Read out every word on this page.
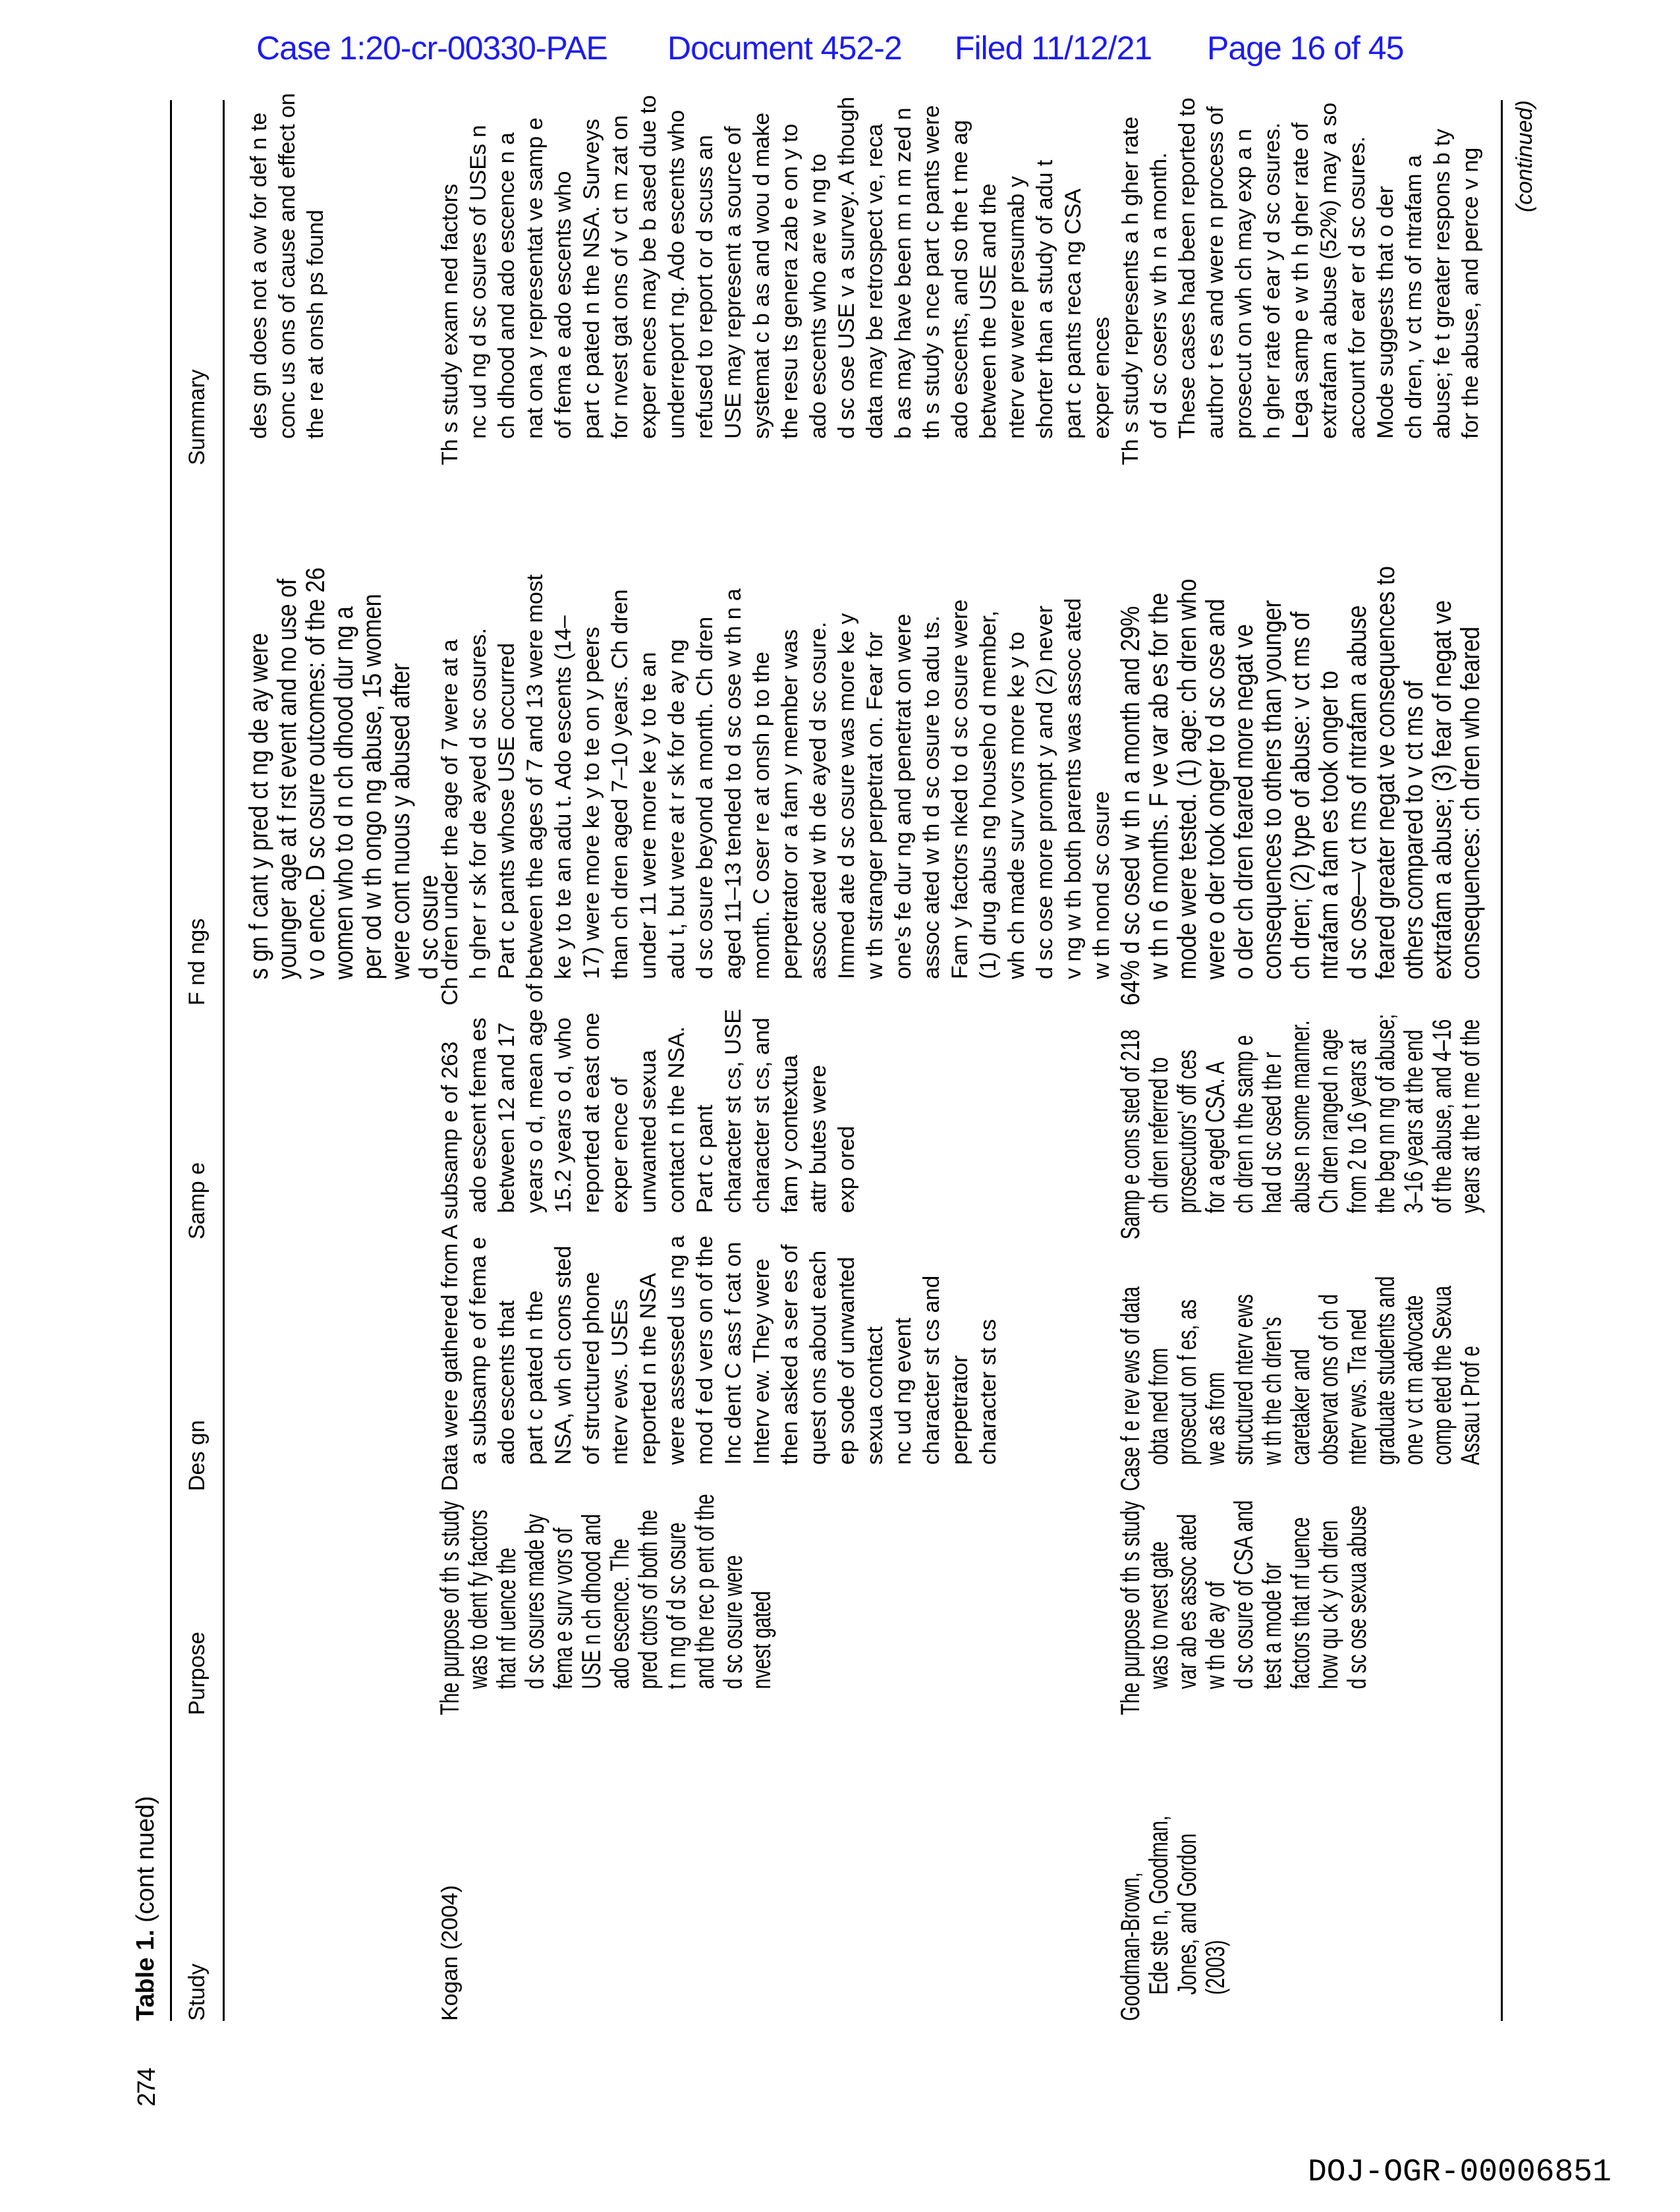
Case 1:20-cr-00330-PAE Document 452-2 Filed 11/12/21 Page 16 of 45
274
Table 1. (cont nued)
Study
Purpose
Des gn
Samp e
F nd ngs
Summary
s gn f cant y pred ct ng de ay were younger age at f rst event and no use of v o ence. D sc osure outcomes: of the 26 women who to d n ch dhood dur ng a per od w th ongo ng abuse, 15 women were cont nuous y abused after d sc osure
des gn does not a ow for def n te conc us ons of cause and effect on the re at onsh ps found
Kogan (2004)
The purpose of th s study was to dent fy factors that nf uence the d sc osures made by fema e surv vors of USE n ch dhood and ado escence. The pred ctors of both the t m ng of d sc osure and the rec p ent of the d sc osure were nvest gated
Data were gathered from a subsamp e of fema e ado escents that part c pated n the NSA, wh ch cons sted of structured phone nterv ews. USEs reported n the NSA were assessed us ng a mod f ed vers on of the Inc dent C ass f cat on Interv ew. They were then asked a ser es of quest ons about each ep sode of unwanted sexua contact nc ud ng event character st cs and perpetrator character st cs
A subsamp e of 263 ado escent fema es between 12 and 17 years o d, mean age of 15.2 years o d, who reported at east one exper ence of unwanted sexua contact n the NSA. Part c pant character st cs, USE character st cs, and fam y contextua attr butes were exp ored
Ch dren under the age of 7 were at a h gher r sk for de ayed d sc osures. Part c pants whose USE occurred between the ages of 7 and 13 were most ke y to te an adu t. Ado escents (14– 17) were more ke y to te on y peers than ch dren aged 7–10 years. Ch dren under 11 were more ke y to te an adu t, but were at r sk for de ay ng d sc osure beyond a month. Ch dren aged 11–13 tended to d sc ose w th n a month. C oser re at onsh p to the perpetrator or a fam y member was assoc ated w th de ayed d sc osure. Immed ate d sc osure was more ke y w th stranger perpetrat on. Fear for one's fe dur ng and penetrat on were assoc ated w th d sc osure to adu ts. Fam y factors nked to d sc osure were (1) drug abus ng househo d member, wh ch made surv vors more ke y to d sc ose more prompt y and (2) never v ng w th both parents was assoc ated w th nond sc osure
Th s study exam ned factors nc ud ng d sc osures of USEs n ch dhood and ado escence n a nat ona y representat ve samp e of fema e ado escents who part c pated n the NSA. Surveys for nvest gat ons of v ct m zat on exper ences may be b ased due to underreport ng. Ado escents who refused to report or d scuss an USE may represent a source of systemat c b as and wou d make the resu ts genera zab e on y to ado escents who are w ng to d sc ose USE v a survey. A though data may be retrospect ve, reca b as may have been m n m zed n th s study s nce part c pants were ado escents, and so the t me ag between the USE and the nterv ew were presumab y shorter than a study of adu t part c pants reca ng CSA exper ences
Goodman-Brown, Ede ste n, Goodman, Jones, and Gordon (2003)
The purpose of th s study was to nvest gate var ab es assoc ated w th de ay of d sc osure of CSA and test a mode for factors that nf uence how qu ck y ch dren d sc ose sexua abuse
Case f e rev ews of data obta ned from prosecut on f es, as we as from structured nterv ews w th the ch dren's caretaker and observat ons of ch d nterv ews. Tra ned graduate students and one v ct m advocate comp eted the Sexua Assau t Prof e
Samp e cons sted of 218 ch dren referred to prosecutors' off ces for a eged CSA. A ch dren n the samp e had d sc osed the r abuse n some manner. Ch dren ranged n age from 2 to 16 years at the beg nn ng of abuse; 3–16 years at the end of the abuse, and 4–16 years at the t me of the
64% d sc osed w th n a month and 29% w th n 6 months. F ve var ab es for the mode were tested. (1) age: ch dren who were o der took onger to d sc ose and o der ch dren feared more negat ve consequences to others than younger ch dren; (2) type of abuse: v ct ms of ntrafam a fam es took onger to d sc ose—v ct ms of ntrafam a abuse feared greater negat ve consequences to others compared to v ct ms of extrafam a abuse; (3) fear of negat ve consequences: ch dren who feared
Th s study represents a h gher rate of d sc osers w th n a month. These cases had been reported to author t es and were n process of prosecut on wh ch may exp a n h gher rate of ear y d sc osures. Lega samp e w th h gher rate of extrafam a abuse (52%) may a so account for ear er d sc osures. Mode suggests that o der ch dren, v ct ms of ntrafam a abuse; fe t greater respons b ty for the abuse, and perce v ng (continued)
DOJ-OGR-00006851
